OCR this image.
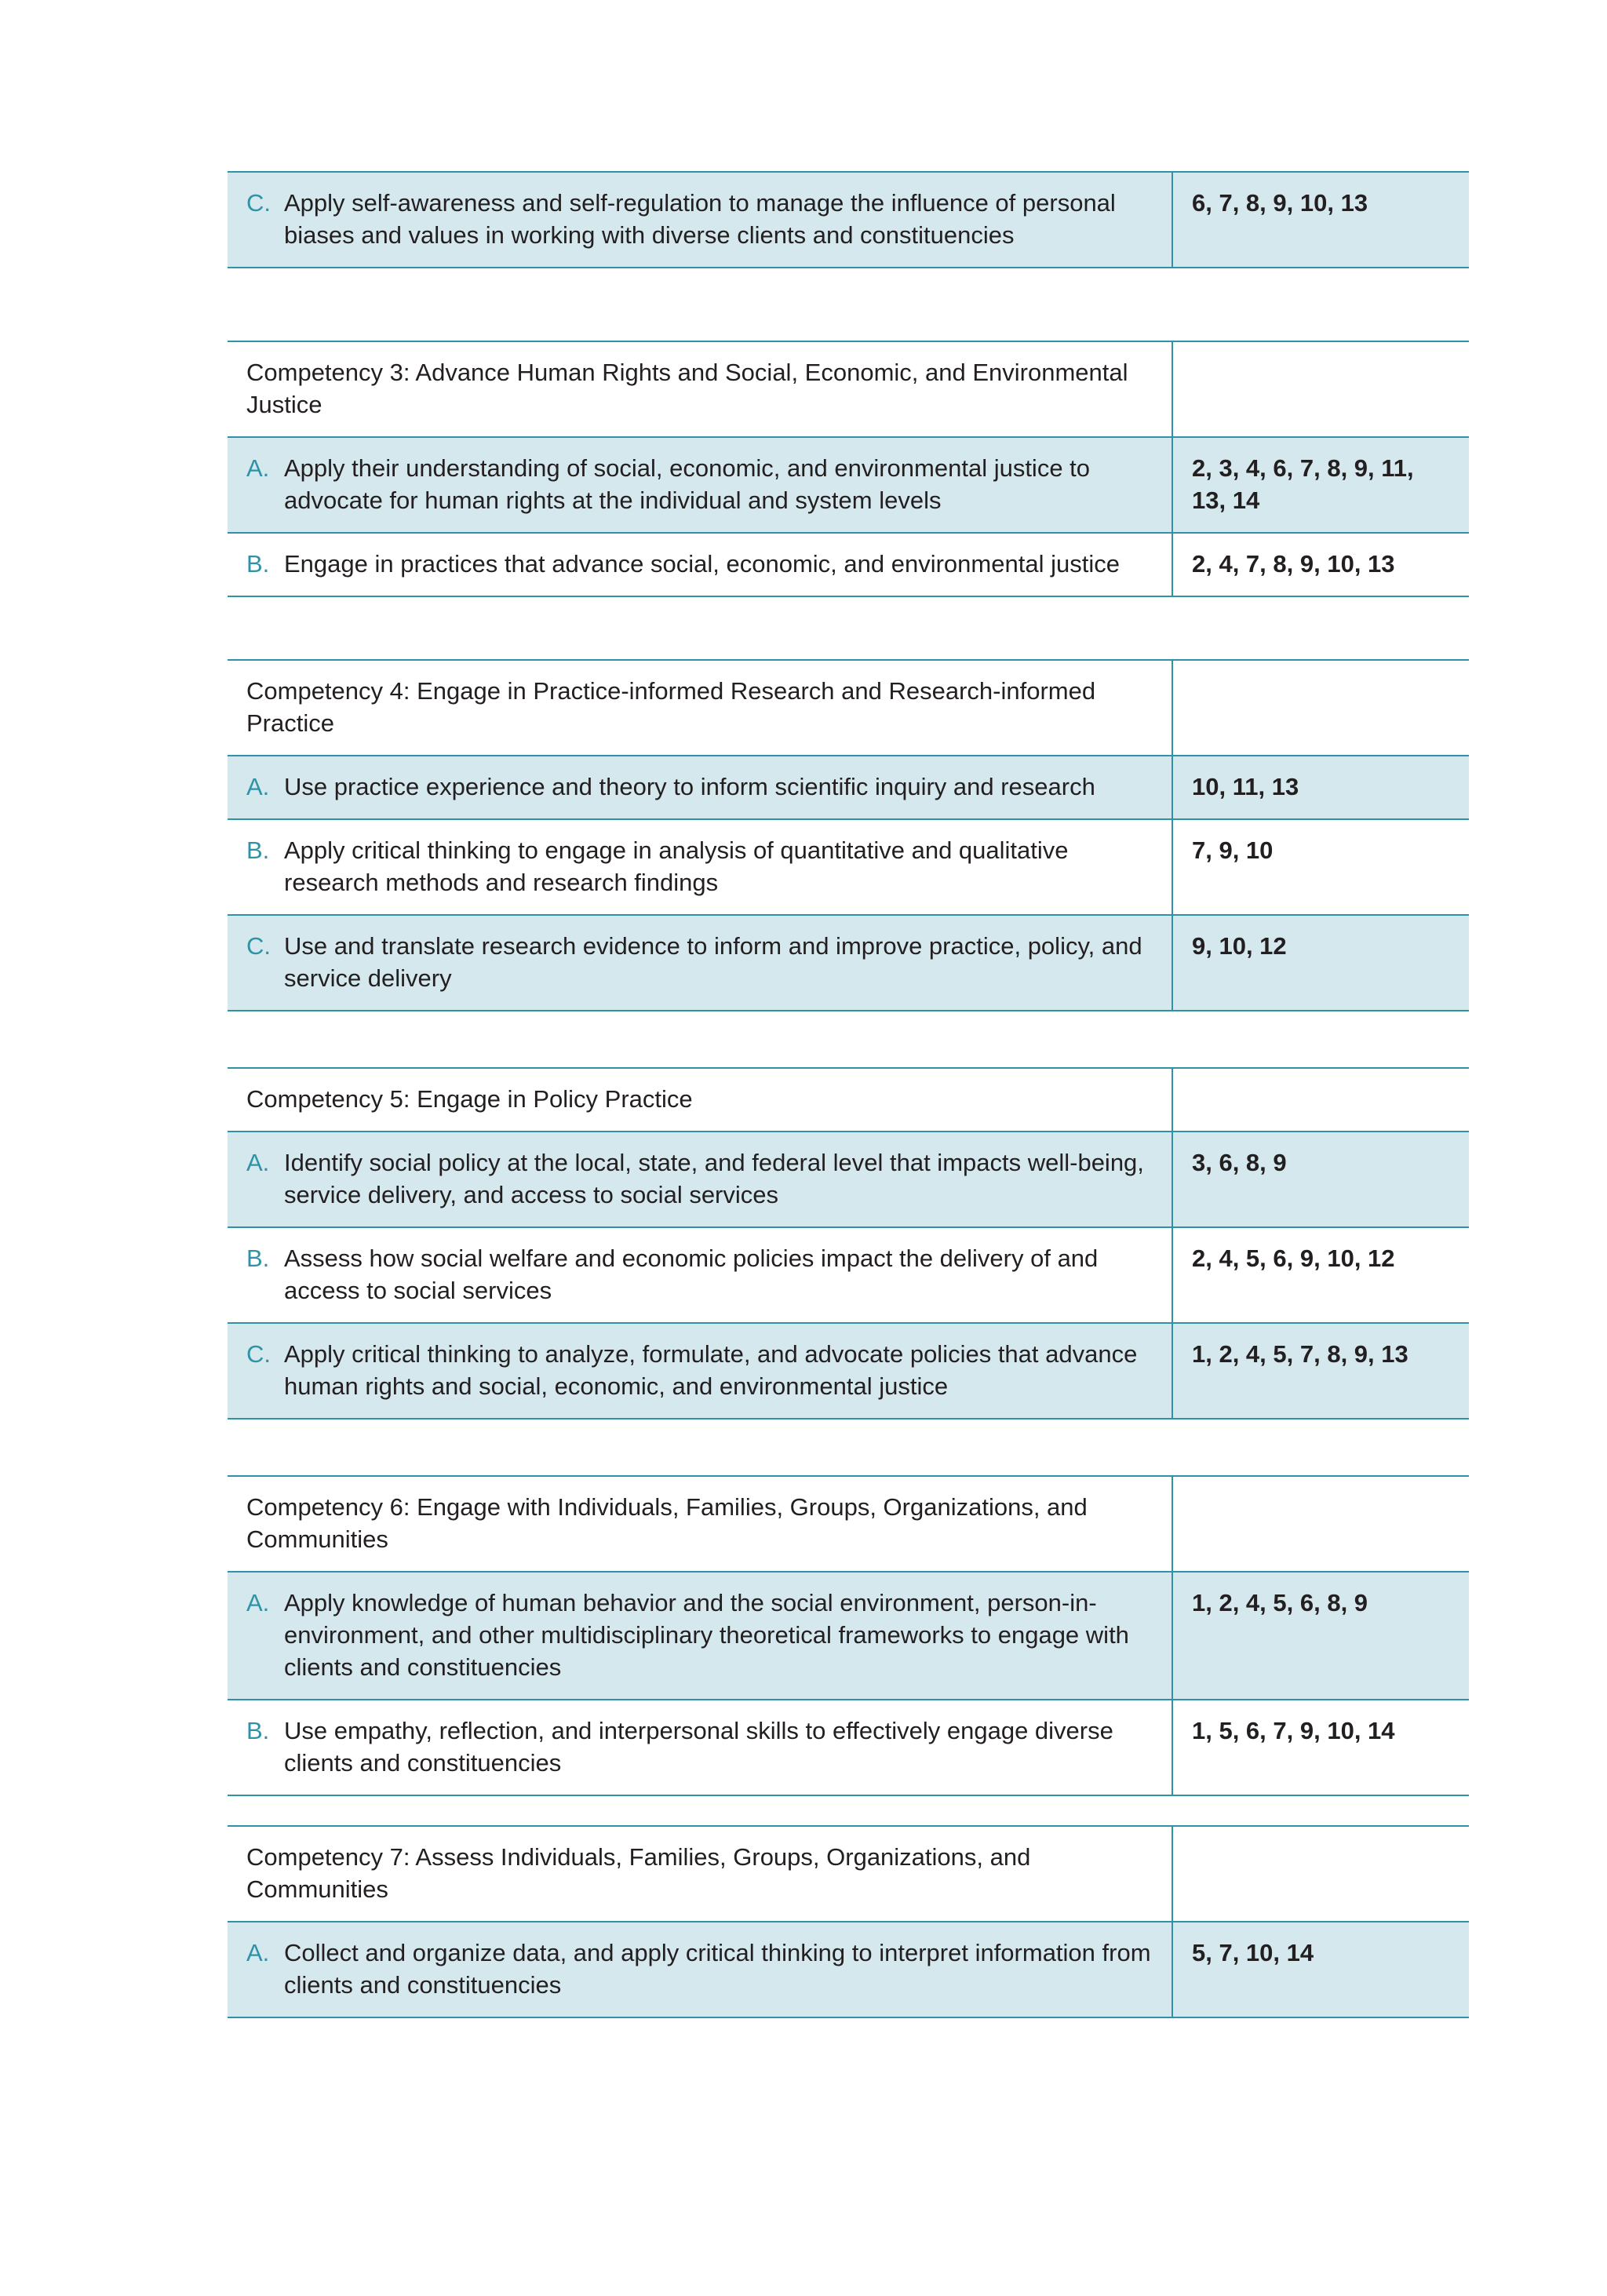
C. Apply self-awareness and self-regulation to manage the influence of personal biases and values in working with diverse clients and constituencies
	6, 7, 8, 9, 10, 13
Competency 3: Advance Human Rights and Social, Economic, and Environmental Justice	

A. Apply their understanding of social, economic, and environmental justice to advocate for human rights at the individual and system levels	2, 3, 4, 6, 7, 8, 9, 11, 13, 14

B. Engage in practices that advance social, economic, and environmental justice	2, 4, 7, 8, 9, 10, 13
Competency 4: Engage in Practice-informed Research and Research-informed Practice	

A. Use practice experience and theory to inform scientific inquiry and research	10, 11, 13

B. Apply critical thinking to engage in analysis of quantitative and qualitative research methods and research findings	7, 9, 10

C. Use and translate research evidence to inform and improve practice, policy, and service delivery	9, 10, 12
Competency 5: Engage in Policy Practice	

A. Identify social policy at the local, state, and federal level that impacts well-being, service delivery, and access to social services	3, 6, 8, 9

B. Assess how social welfare and economic policies impact the delivery of and access to social services	2, 4, 5, 6, 9, 10, 12

C. Apply critical thinking to analyze, formulate, and advocate policies that advance human rights and social, economic, and environmental justice	1, 2, 4, 5, 7, 8, 9, 13
Competency 6: Engage with Individuals, Families, Groups, Organizations, and Communities	

A. Apply knowledge of human behavior and the social environment, person-in-environment, and other multidisciplinary theoretical frameworks to engage with clients and constituencies	1, 2, 4, 5, 6, 8, 9

B. Use empathy, reflection, and interpersonal skills to effectively engage diverse clients and constituencies	1, 5, 6, 7, 9, 10, 14
Competency 7: Assess Individuals, Families, Groups, Organizations, and Communities	

A. Collect and organize data, and apply critical thinking to interpret information from clients and constituencies	5, 7, 10, 14
